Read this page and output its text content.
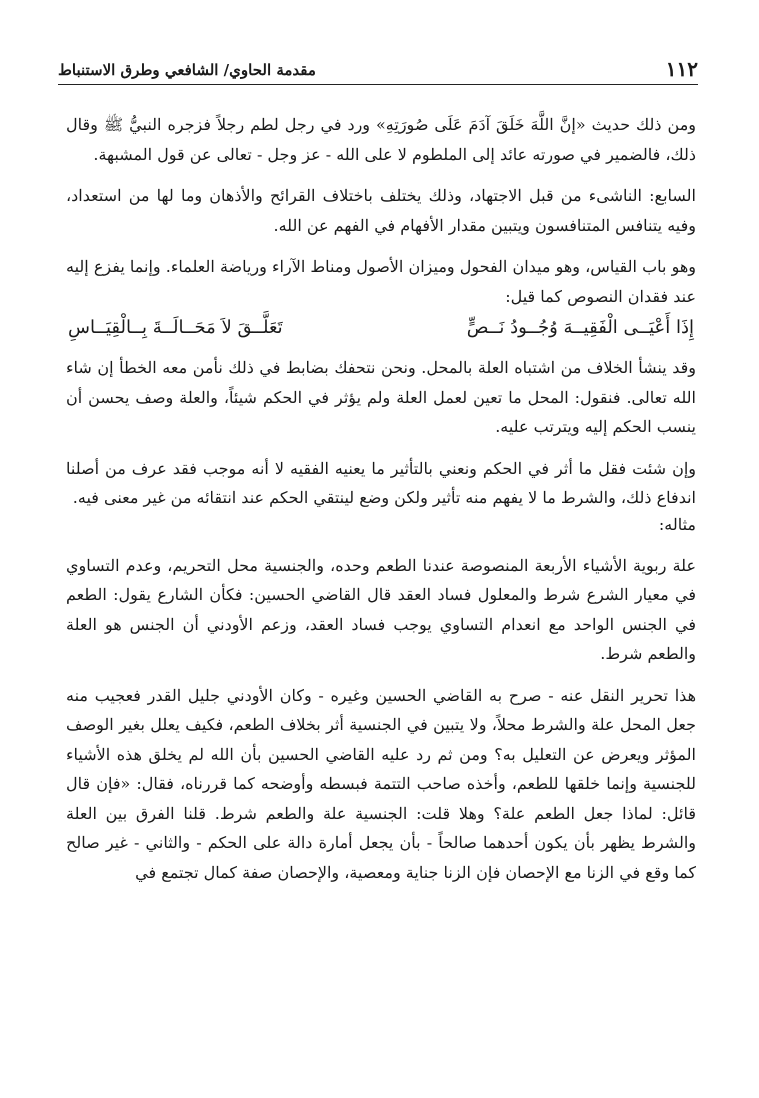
١١٢
مقدمة الحاوي/ الشافعي وطرق الاستنباط

ومن ذلك حديث «إنَّ اللَّهَ خَلَقَ آدَمَ عَلَى صُورَتِهِ» ورد في رجل لطم رجلاً فزجره النبيُّ ﷺ وقال ذلك، فالضمير في صورته عائد إلى الملطوم لا على الله - عز وجل - تعالى عن قول المشبهة.

السابع: الناشىء من قبل الاجتهاد، وذلك يختلف باختلاف القرائح والأذهان وما لها من استعداد، وفيه يتنافس المتنافسون ويتبين مقدار الأفهام في الفهم عن الله.

وهو باب القياس، وهو ميدان الفحول وميزان الأصول ومناط الآراء ورياضة العلماء. وإنما يفزع إليه عند فقدان النصوص كما قيل:

إِذَا أَعْيَــى الْفَقِيــهَ وُجُــودُ نَــصٍّ
تَعَلَّــقَ لاَ مَحَــالَــةَ بِــالْقِيَــاسِ

وقد ينشأ الخلاف من اشتباه العلة بالمحل. ونحن نتحفك بضابط في ذلك نأمن معه الخطأ إن شاء الله تعالى. فنقول: المحل ما تعين لعمل العلة ولم يؤثر في الحكم شيئاً، والعلة وصف يحسن أن ينسب الحكم إليه ويترتب عليه.

وإن شئت فقل ما أثر في الحكم ونعني بالتأثير ما يعنيه الفقيه لا أنه موجب فقد عرف من أصلنا اندفاع ذلك، والشرط ما لا يفهم منه تأثير ولكن وضع لينتقي الحكم عند انتقائه من غير معنى فيه.

مثاله:

علة ربوية الأشياء الأربعة المنصوصة عندنا الطعم وحده، والجنسية محل التحريم، وعدم التساوي في معيار الشرع شرط والمعلول فساد العقد قال القاضي الحسين: فكأن الشارع يقول: الطعم في الجنس الواحد مع انعدام التساوي يوجب فساد العقد، وزعم الأودني أن الجنس هو العلة والطعم شرط.

هذا تحرير النقل عنه - صرح به القاضي الحسين وغيره - وكان الأودني جليل القدر فعجيب منه جعل المحل علة والشرط محلاً، ولا يتبين في الجنسية أثر بخلاف الطعم، فكيف يعلل بغير الوصف المؤثر ويعرض عن التعليل به؟ ومن ثم رد عليه القاضي الحسين بأن الله لم يخلق هذه الأشياء للجنسية وإنما خلقها للطعم، وأخذه صاحب التتمة فبسطه وأوضحه كما قررناه، فقال: «فإن قال قائل: لماذا جعل الطعم علة؟ وهلا قلت: الجنسية علة والطعم شرط. قلنا الفرق بين العلة والشرط يظهر بأن يكون أحدهما صالحاً - بأن يجعل أمارة دالة على الحكم - والثاني - غير صالح كما وقع في الزنا مع الإحصان فإن الزنا جناية ومعصية، والإحصان صفة كمال تجتمع في
